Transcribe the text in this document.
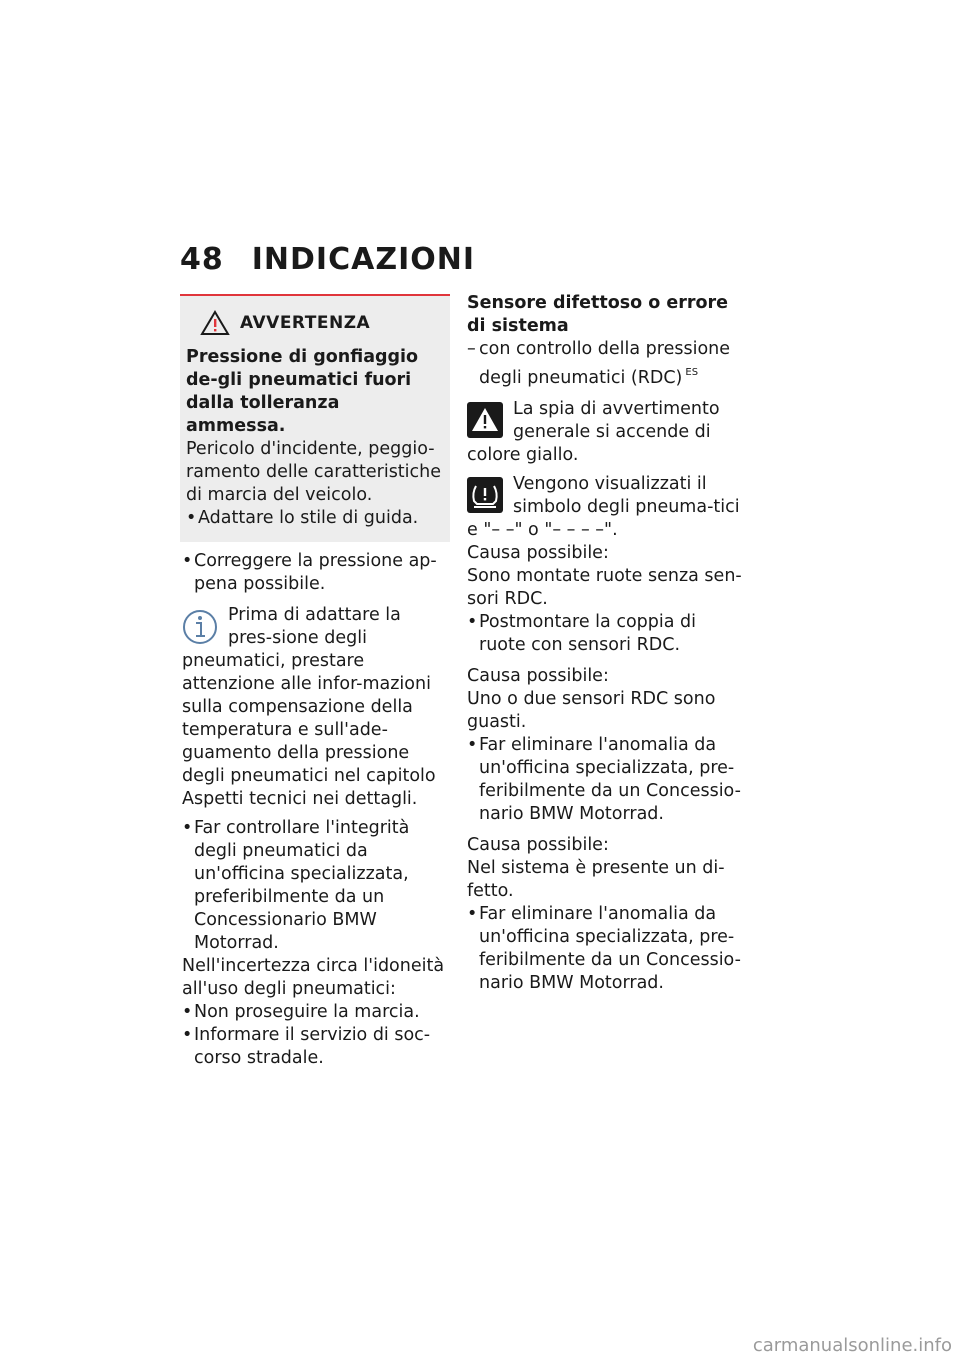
48 INDICAZIONI
AVVERTENZA

Pressione di gonfiaggio de-gli pneumatici fuori dalla tolleranza ammessa.

Pericolo d'incidente, peggio-ramento delle caratteristiche di marcia del veicolo.

• Adattare lo stile di guida.
• Correggere la pressione ap-pena possibile.

Prima di adattare la pres-sione degli pneumatici, prestare attenzione alle infor-mazioni sulla compensazione della temperatura e sull'ade-guamento della pressione degli pneumatici nel capitolo Aspetti tecnici nei dettagli.

• Far controllare l'integrità degli pneumatici da un'officina specializzata, preferibilmente da un Concessionario BMW Motorrad.

Nell'incertezza circa l'idoneità all'uso degli pneumatici:

• Non proseguire la marcia.
• Informare il servizio di soc-corso stradale.

Sensore difettoso o errore di sistema

– con controllo della pressione degli pneumatici (RDC) $^{ES}$

La spia di avvertimento generale si accende di colore giallo.

Vengono visualizzati il simbolo degli pneuma-tici e "– –" o "– – – –".

Causa possibile:

Sono montate ruote senza sen-sori RDC.

• Postmontare la coppia di ruote con sensori RDC.

Causa possibile:

Uno o due sensori RDC sono guasti.

• Far eliminare l'anomalia da un'officina specializzata, pre-feribilmente da un Concessio-nario BMW Motorrad.

Causa possibile:

Nel sistema è presente un di-fetto.

• Far eliminare l'anomalia da un'officina specializzata, pre-feribilmente da un Concessio-nario BMW Motorrad.
carmanualsonline.info
